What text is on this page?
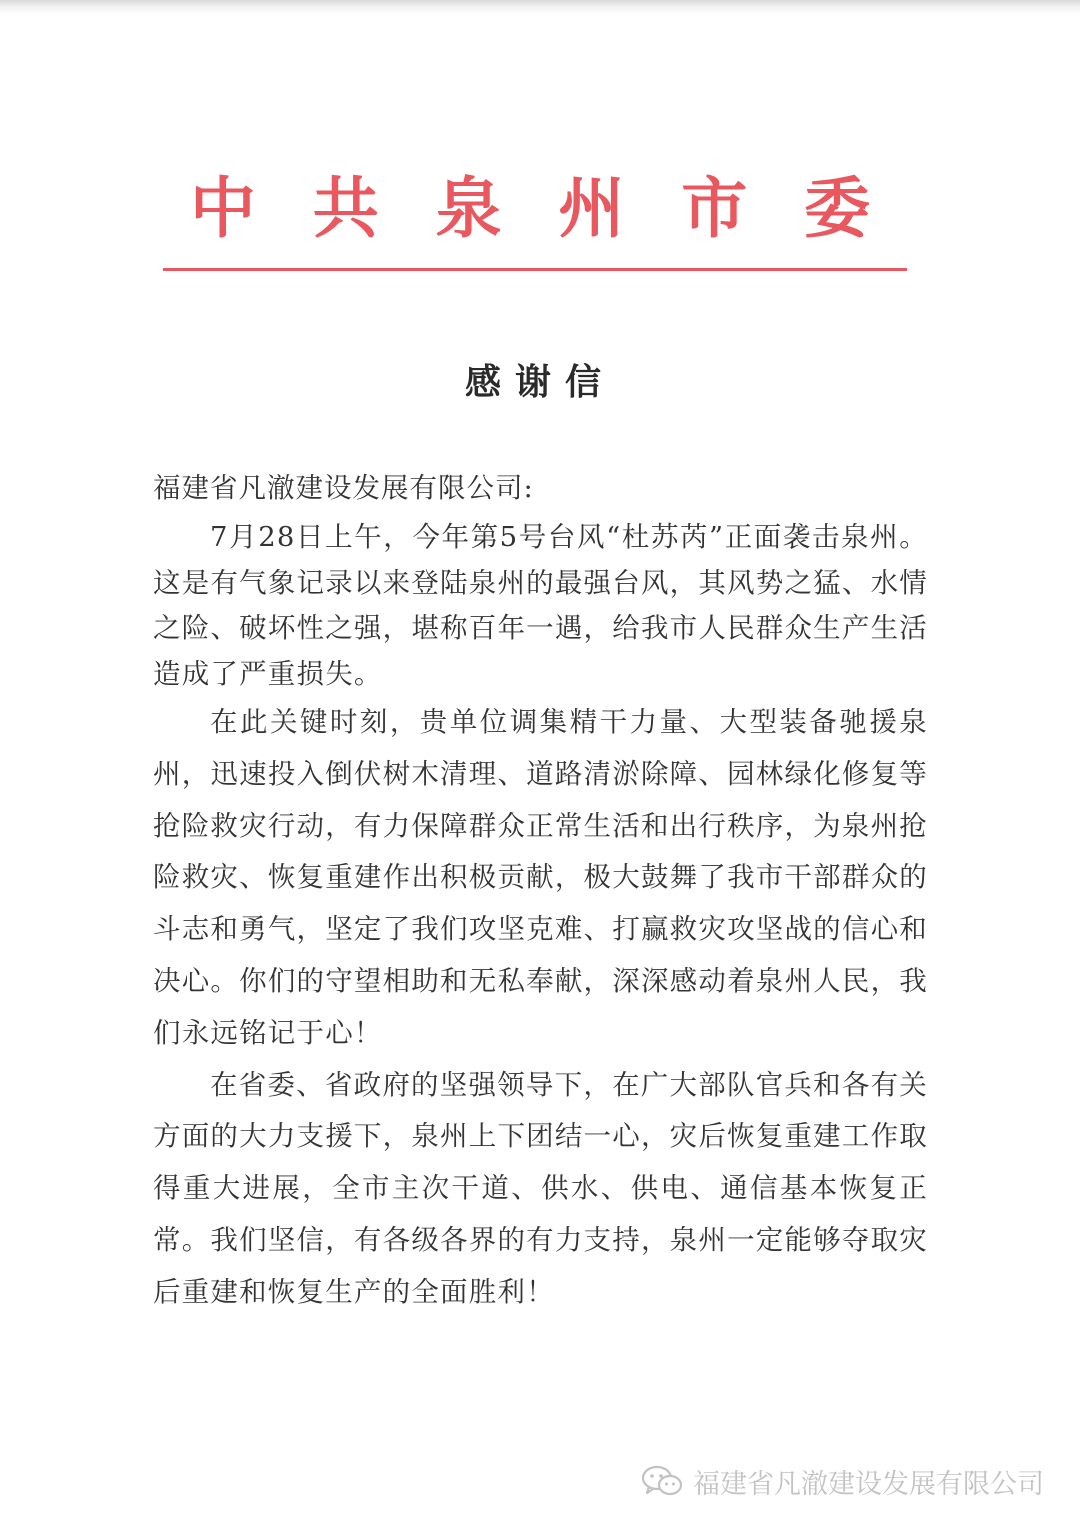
中 共 泉 州 市 委
感谢信

福建省凡澈建设发展有限公司:

7月28日上午，今年第5号台风“杜苏芮”正面袭击泉州。这是有气象记录以来登陆泉州的最强台风，其风势之猛、水情之险、破坏性之强，堪称百年一遇，给我市人民群众生产生活造成了严重损失。

在此关键时刻，贵单位调集精干力量、大型装备驰援泉州，迅速投入倒伏树木清理、道路清淤除障、园林绿化修复等抢险救灾行动，有力保障群众正常生活和出行秩序，为泉州抢险救灾、恢复重建作出积极贡献，极大鼓舞了我市干部群众的斗志和勇气，坚定了我们攻坚克难、打赢救灾攻坚战的信心和决心。你们的守望相助和无私奉献，深深感动着泉州人民，我们永远铭记于心！

在省委、省政府的坚强领导下，在广大部队官兵和各有关方面的大力支援下，泉州上下团结一心，灾后恢复重建工作取得重大进展，全市主次干道、供水、供电、通信基本恢复正常。我们坚信，有各级各界的有力支持，泉州一定能够夺取灾后重建和恢复生产的全面胜利！

福建省凡澈建设发展有限公司
